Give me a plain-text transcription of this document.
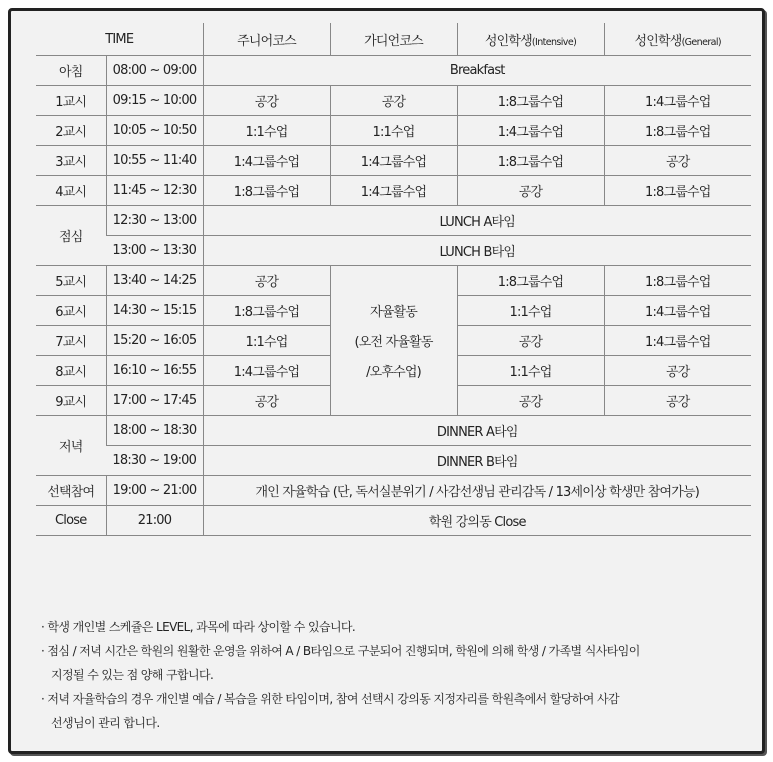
TIME		주니어코스	가디언코스	성인학생(Intensive)	성인학생(General)
아침	08:00 ~ 09:00	Breakfast			
1교시	09:15 ~ 10:00	공강	공강	1:8그룹수업	1:4그룹수업
2교시	10:05 ~ 10:50	1:1수업	1:1수업	1:4그룹수업	1:8그룹수업
3교시	10:55 ~ 11:40	1:4그룹수업	1:4그룹수업	1:8그룹수업	공강
4교시	11:45 ~ 12:30	1:8그룹수업	1:4그룹수업	공강	1:8그룹수업
점심	12:30 ~ 13:00	LUNCH A타임			
	13:00 ~ 13:30	LUNCH B타임			
5교시	13:40 ~ 14:25	공강		1:8그룹수업	1:8그룹수업
6교시	14:30 ~ 15:15	1:8그룹수업	자율활동	1:1수업	1:4그룹수업
7교시	15:20 ~ 16:05	1:1수업	(오전 자율활동	공강	1:4그룹수업
8교시	16:10 ~ 16:55	1:4그룹수업	/오후수업)	1:1수업	공강
9교시	17:00 ~ 17:45	공강		공강	공강
저녁	18:00 ~ 18:30	DINNER A타임			
	18:30 ~ 19:00	DINNER B타임			
선택참여	19:00 ~ 21:00	개인 자율학습 (단, 독서실분위기 / 사감선생님 관리감독 / 13세이상 학생만 참여가능)			
Close	21:00	학원 강의동 Close			

· 학생 개인별 스케쥴은 LEVEL, 과목에 따라 상이할 수 있습니다.

· 점심 / 저녁 시간은 학원의 원활한 운영을 위하여 A / B타임으로 구분되어 진행되며, 학원에 의해 학생 / 가족별 식사타임이

지정될 수 있는 점 양해 구합니다.

· 저녁 자율학습의 경우 개인별 예습 / 복습을 위한 타임이며, 참여 선택시 강의동 지정자리를 학원측에서 할당하여 사감

선생님이 관리 합니다.
